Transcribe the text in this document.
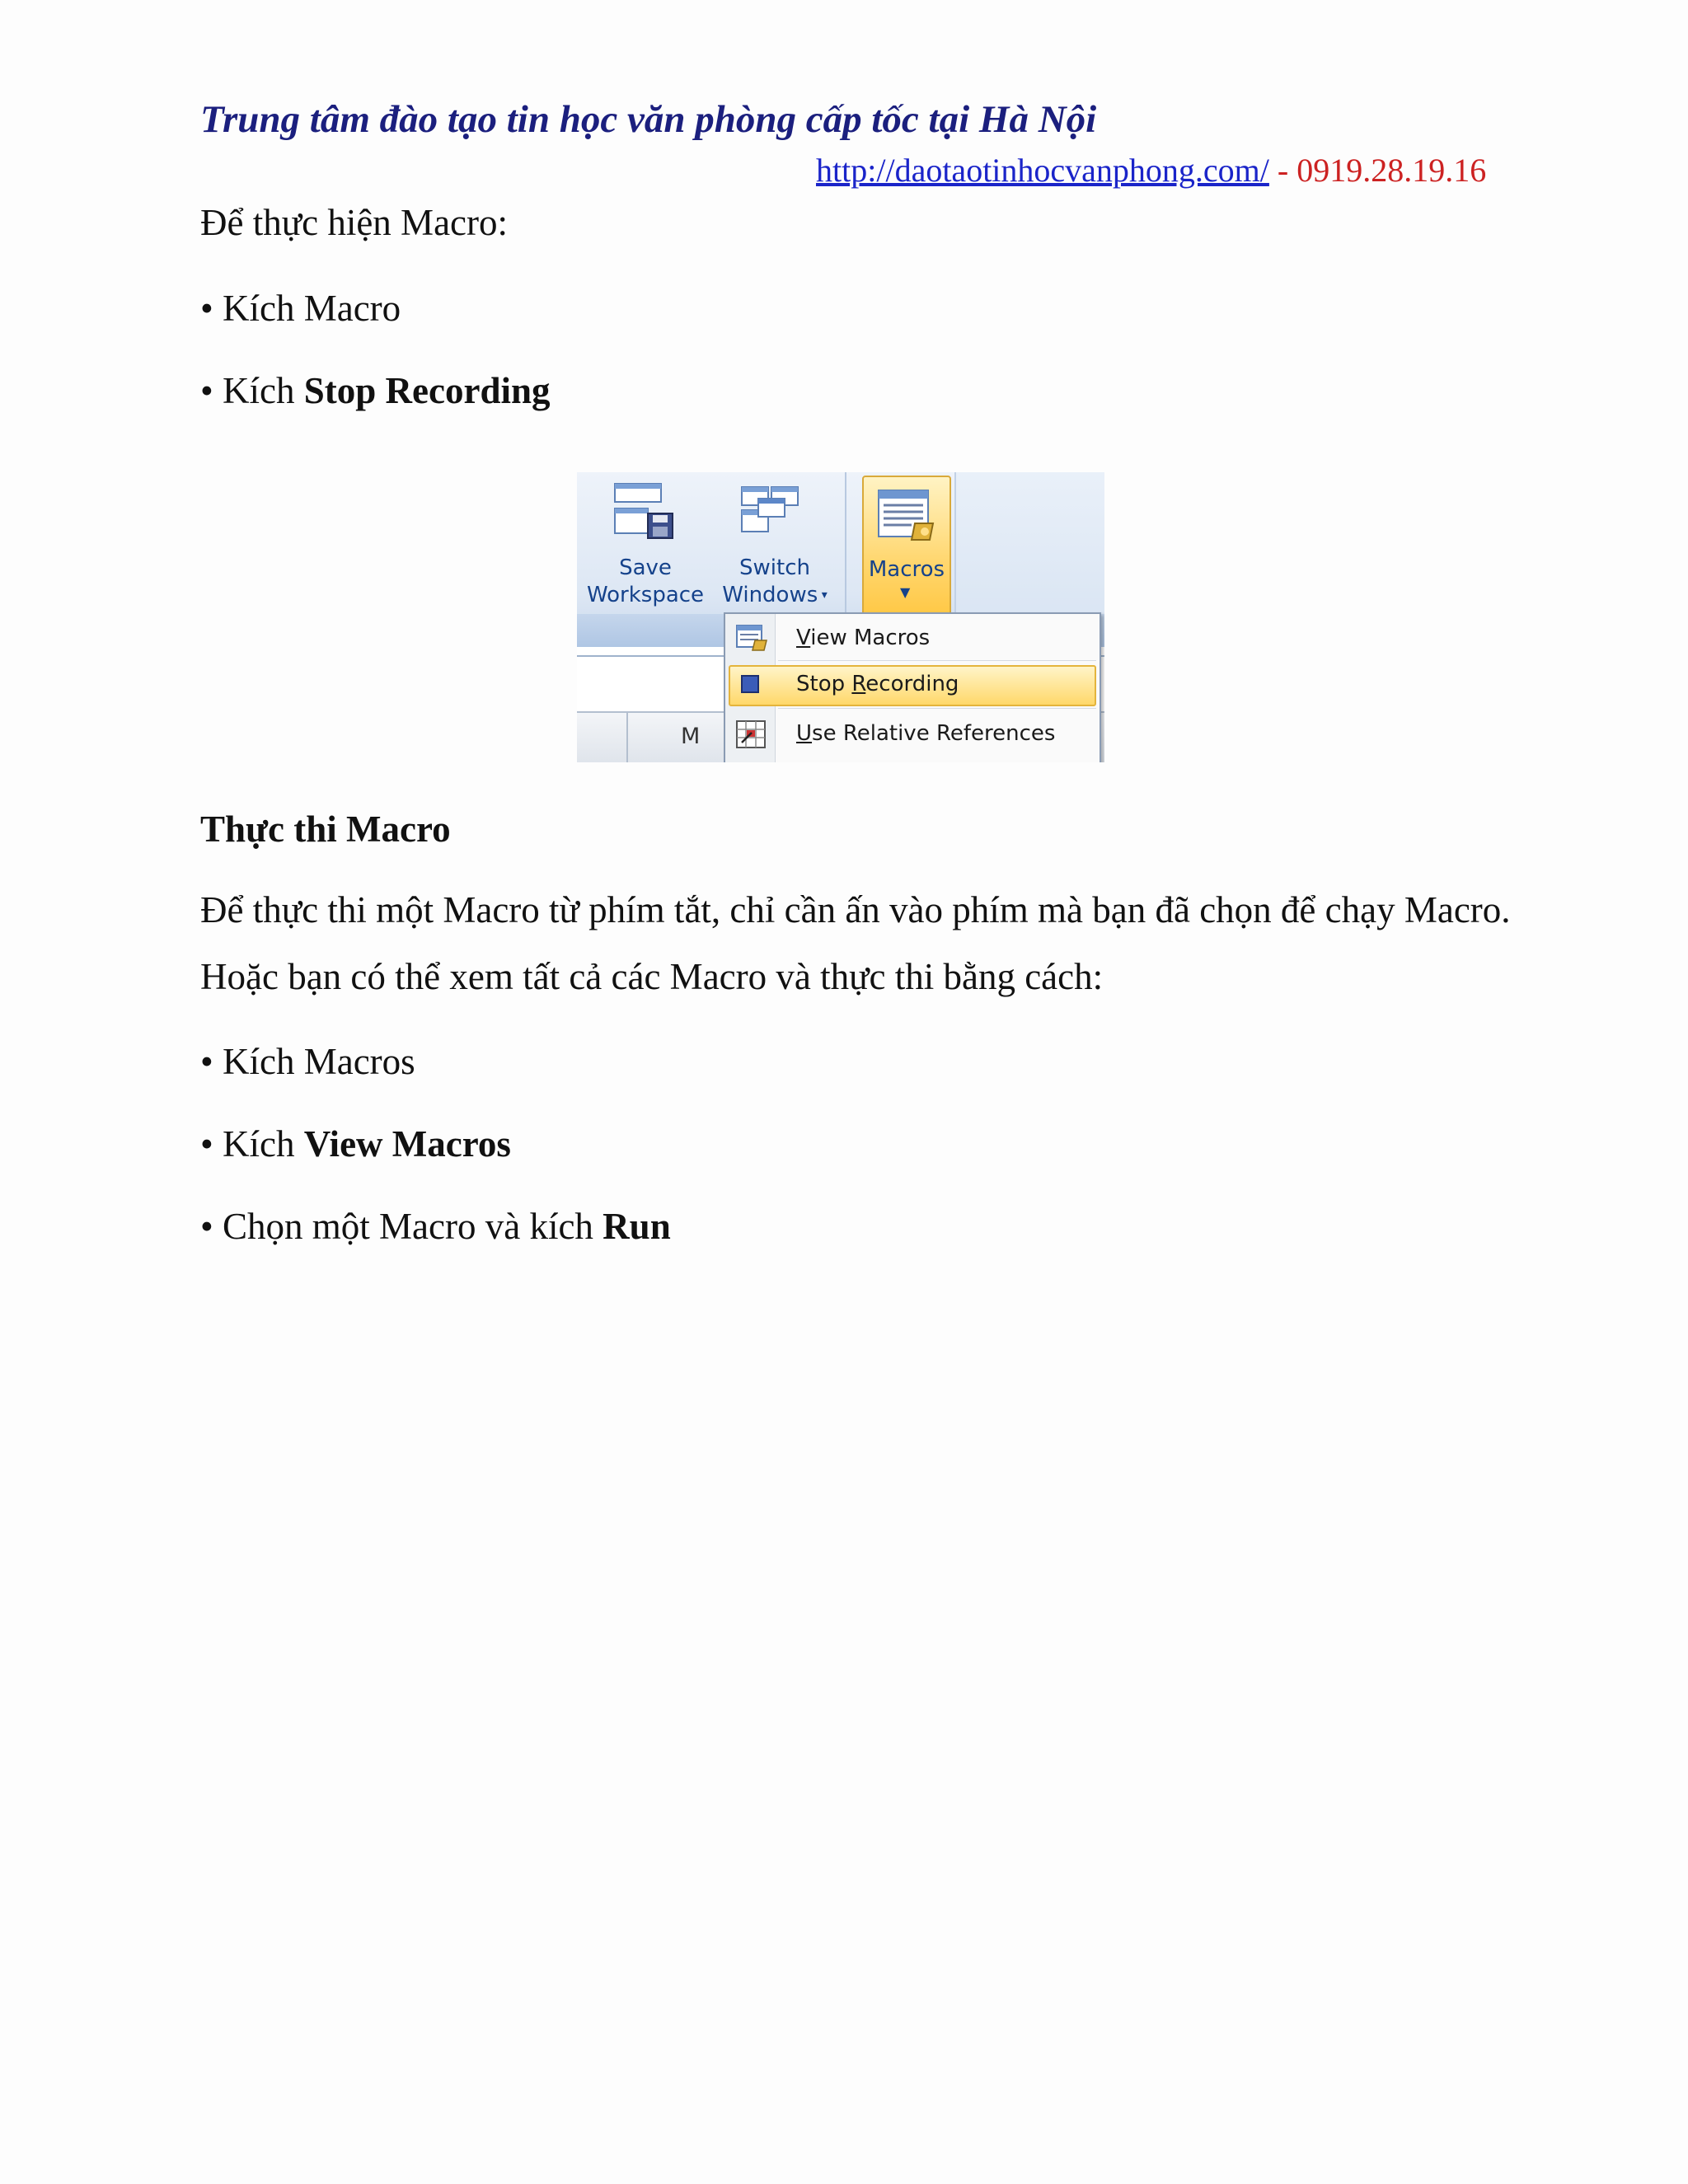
Trung tâm đào tạo tin học văn phòng cấp tốc tại Hà Nội
http://daotaotinhocvanphong.com/ - 0919.28.19.16

Để thực hiện Macro:

• Kích Macro

• Kích Stop Recording

M
Save
Workspace
Switch
Windows ▾
Macros
▼
View Macros
Stop Recording
Use Relative References
Thực thi Macro

Để thực thi một Macro từ phím tắt, chỉ cần ấn vào phím mà bạn đã chọn để chạy Macro. Hoặc bạn có thể xem tất cả các Macro và thực thi bằng cách:

• Kích Macros

• Kích View Macros

• Chọn một Macro và kích Run
